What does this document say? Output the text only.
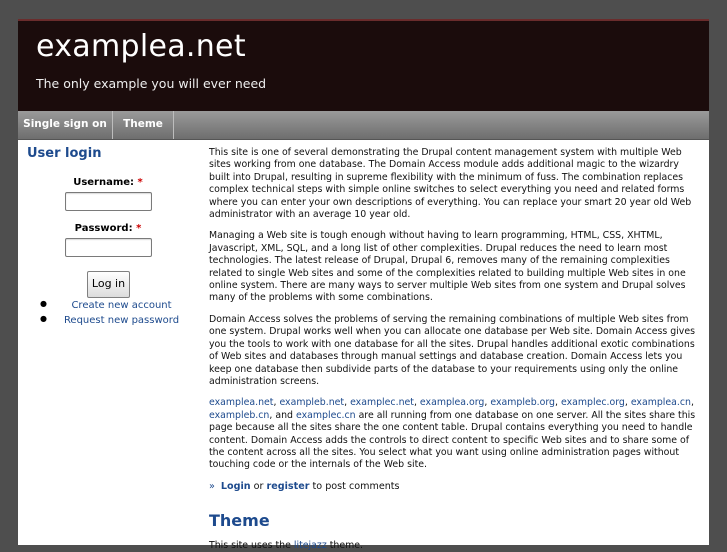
examplea.net
The only example you will ever need
Single sign on	Theme
User login
Username: *
Password: *
Log in
●	Create new account
●	Request new password

This site is one of several demonstrating the Drupal content management system with multiple Web sites working from one database. The Domain Access module adds additional magic to the wizardry built into Drupal, resulting in supreme flexibility with the minimum of fuss. The combination replaces complex technical steps with simple online switches to select everything you need and related forms where you can enter your own descriptions of everything. You can replace your smart 20 year old Web administrator with an average 10 year old.

Managing a Web site is tough enough without having to learn programming, HTML, CSS, XHTML, Javascript, XML, SQL, and a long list of other complexities. Drupal reduces the need to learn most technologies. The latest release of Drupal, Drupal 6, removes many of the remaining complexities related to single Web sites and some of the complexities related to building multiple Web sites in one online system. There are many ways to server multiple Web sites from one system and Drupal solves many of the problems with some combinations.

Domain Access solves the problems of serving the remaining combinations of multiple Web sites from one system. Drupal works well when you can allocate one database per Web site. Domain Access gives you the tools to work with one database for all the sites. Drupal handles additional exotic combinations of Web sites and databases through manual settings and database creation. Domain Access lets you keep one database then subdivide parts of the database to your requirements using only the online administration screens.

examplea.net, exampleb.net, examplec.net, examplea.org, exampleb.org, examplec.org, examplea.cn, exampleb.cn, and examplec.cn are all running from one database on one server. All the sites share this page because all the sites share the one content table. Drupal contains everything you need to handle content. Domain Access adds the controls to direct content to specific Web sites and to share some of the content across all the sites. You select what you want using online administration pages without touching code or the internals of the Web site.

» Login or register to post comments
Theme
This site uses the litejazz theme.
